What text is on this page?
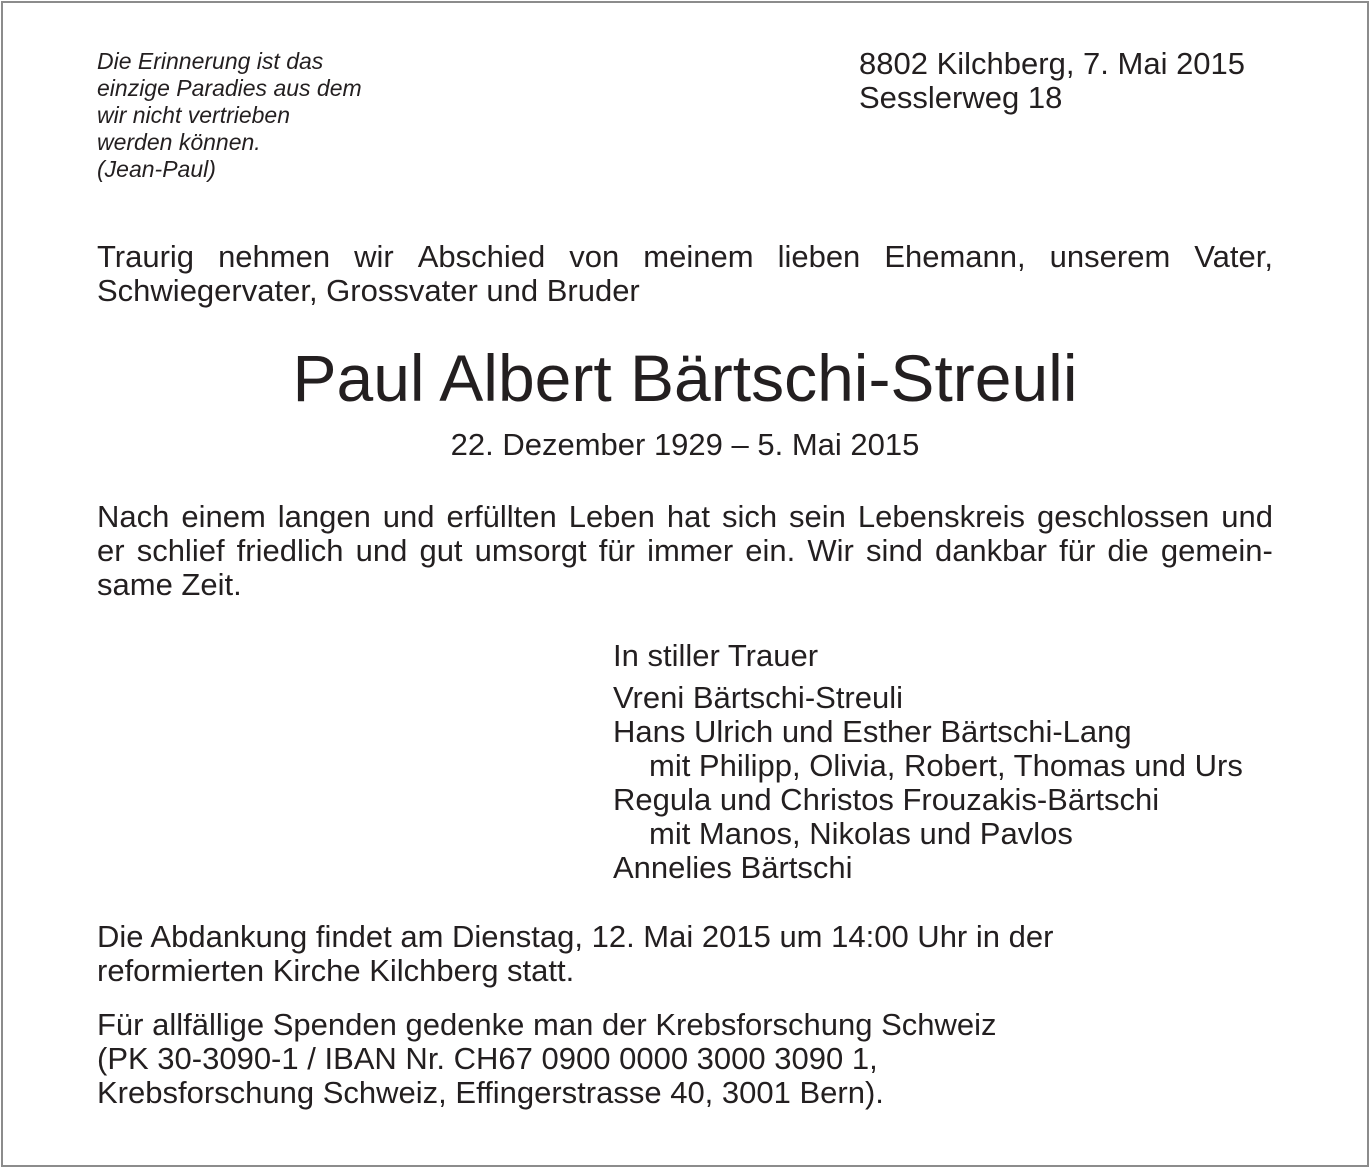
Die Erinnerung ist das
einzige Paradies aus dem
wir nicht vertrieben
werden können.
(Jean-Paul)
8802 Kilchberg, 7. Mai 2015
Sesslerweg 18
Traurig nehmen wir Abschied von meinem lieben Ehemann, unserem Vater,
Schwiegervater, Grossvater und Bruder
Paul Albert Bärtschi-Streuli
22. Dezember 1929 – 5. Mai 2015
Nach einem langen und erfüllten Leben hat sich sein Lebenskreis geschlossen und
er schlief friedlich und gut umsorgt für immer ein. Wir sind dankbar für die gemein-
same Zeit.
In stiller Trauer
Vreni Bärtschi-Streuli
Hans Ulrich und Esther Bärtschi-Lang
mit Philipp, Olivia, Robert, Thomas und Urs
Regula und Christos Frouzakis-Bärtschi
mit Manos, Nikolas und Pavlos
Annelies Bärtschi
Die Abdankung findet am Dienstag, 12. Mai 2015 um 14:00 Uhr in der
reformierten Kirche Kilchberg statt.
Für allfällige Spenden gedenke man der Krebsforschung Schweiz
(PK 30-3090-1 / IBAN Nr. CH67 0900 0000 3000 3090 1,
Krebsforschung Schweiz, Effingerstrasse 40, 3001 Bern).
